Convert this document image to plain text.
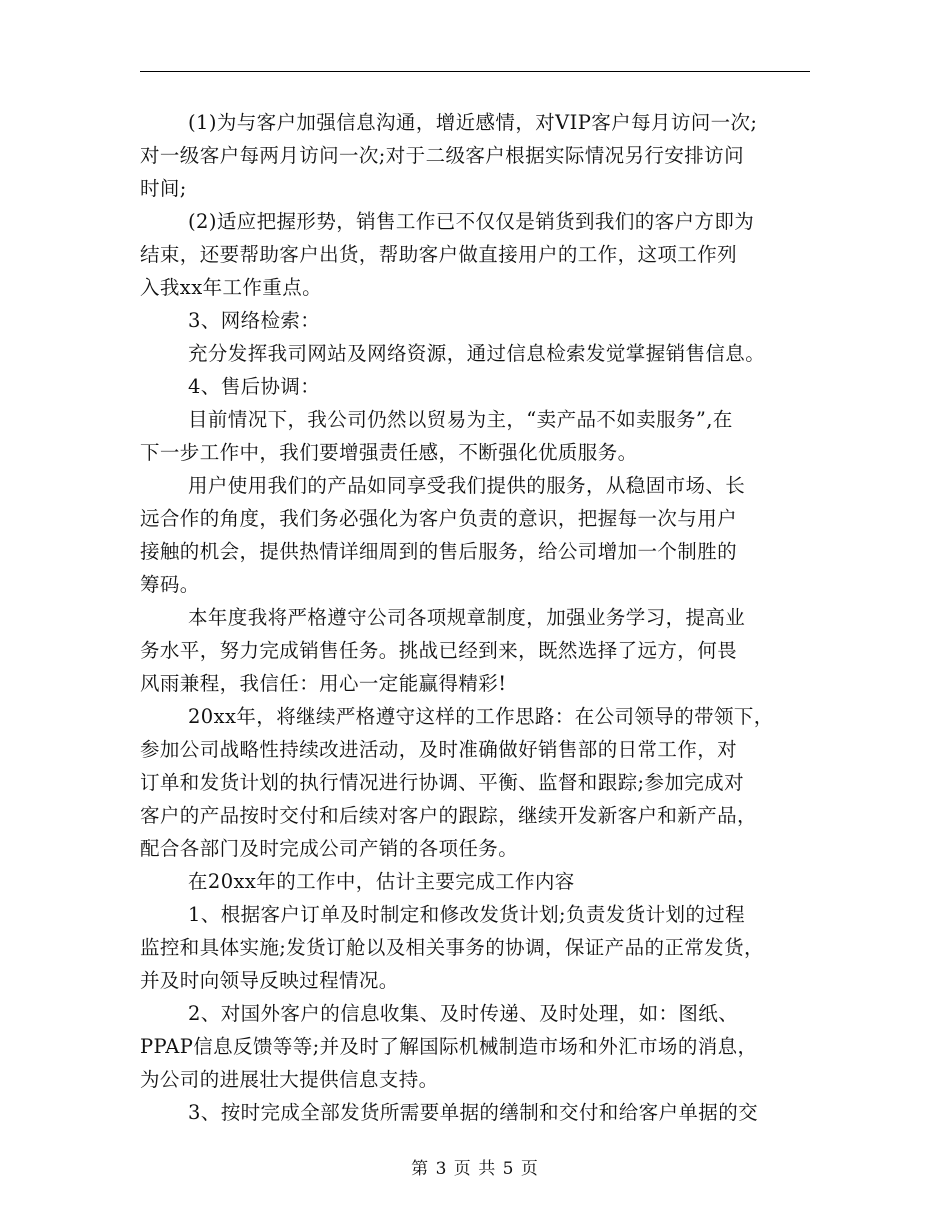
(1)为与客户加强信息沟通，增近感情，对VIP客户每月访问一次;
对一级客户每两月访问一次;对于二级客户根据实际情况另行安排访问
时间;
(2)适应把握形势，销售工作已不仅仅是销货到我们的客户方即为
结束，还要帮助客户出货，帮助客户做直接用户的工作，这项工作列
入我xx年工作重点。
3、网络检索：
充分发挥我司网站及网络资源，通过信息检索发觉掌握销售信息。
4、售后协调：
目前情况下，我公司仍然以贸易为主，“卖产品不如卖服务”,在
下一步工作中，我们要增强责任感，不断强化优质服务。
用户使用我们的产品如同享受我们提供的服务，从稳固市场、长
远合作的角度，我们务必强化为客户负责的意识，把握每一次与用户
接触的机会，提供热情详细周到的售后服务，给公司增加一个制胜的
筹码。
本年度我将严格遵守公司各项规章制度，加强业务学习，提高业
务水平，努力完成销售任务。挑战已经到来，既然选择了远方，何畏
风雨兼程，我信任：用心一定能赢得精彩!
20xx年，将继续严格遵守这样的工作思路：在公司领导的带领下，
参加公司战略性持续改进活动，及时准确做好销售部的日常工作，对
订单和发货计划的执行情况进行协调、平衡、监督和跟踪;参加完成对
客户的产品按时交付和后续对客户的跟踪，继续开发新客户和新产品，
配合各部门及时完成公司产销的各项任务。
在20xx年的工作中，估计主要完成工作内容
1、根据客户订单及时制定和修改发货计划;负责发货计划的过程
监控和具体实施;发货订舱以及相关事务的协调，保证产品的正常发货，
并及时向领导反映过程情况。
2、对国外客户的信息收集、及时传递、及时处理，如：图纸、
PPAP信息反馈等等;并及时了解国际机械制造市场和外汇市场的消息，
为公司的进展壮大提供信息支持。
3、按时完成全部发货所需要单据的缮制和交付和给客户单据的交
第 3 页 共 5 页
